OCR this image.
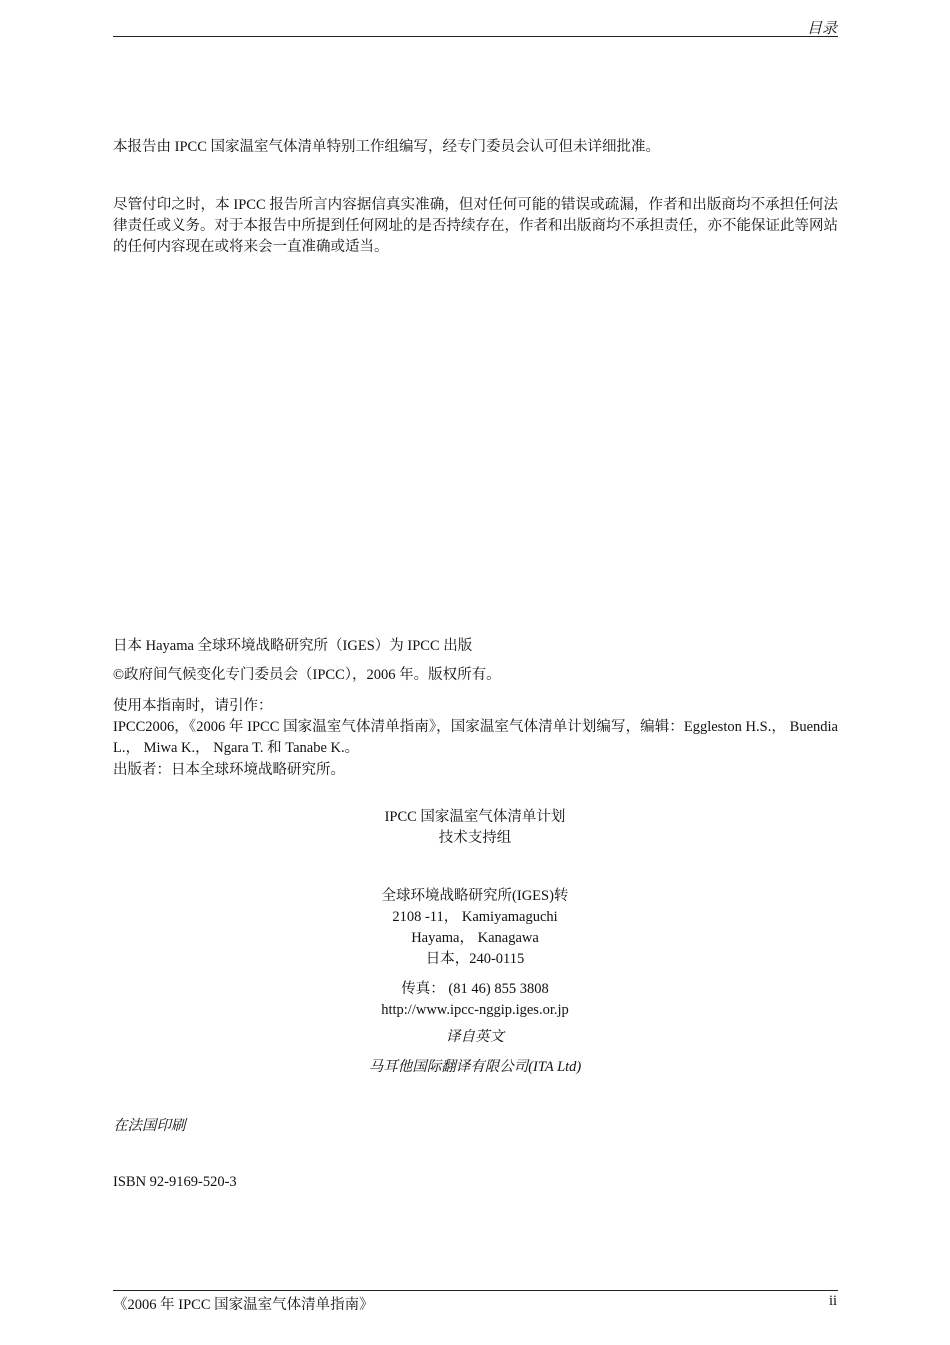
目录
本报告由 IPCC 国家温室气体清单特别工作组编写，经专门委员会认可但未详细批准。
尽管付印之时，本 IPCC 报告所言内容据信真实准确，但对任何可能的错误或疏漏，作者和出版商均不承担任何法律责任或义务。对于本报告中所提到任何网址的是否持续存在，作者和出版商均不承担责任，亦不能保证此等网站的任何内容现在或将来会一直准确或适当。
日本 Hayama 全球环境战略研究所（IGES）为 IPCC 出版
©政府间气候变化专门委员会（IPCC），2006 年。版权所有。
使用本指南时，请引作：
IPCC2006，《2006 年 IPCC 国家温室气体清单指南》，国家温室气体清单计划编写，编辑：Eggleston H.S.， Buendia L.， Miwa K.， Ngara T. 和 Tanabe K.。
出版者：日本全球环境战略研究所。
IPCC 国家温室气体清单计划
技术支持组
全球环境战略研究所(IGES)转
2108 -11， Kamiyamaguchi
Hayama， Kanagawa
日本，240-0115
传真： (81 46) 855 3808
http://www.ipcc-nggip.iges.or.jp
译自英文
马耳他国际翻译有限公司(ITA Ltd)
在法国印刷
ISBN 92-9169-520-3
《2006 年 IPCC 国家温室气体清单指南》	ii
